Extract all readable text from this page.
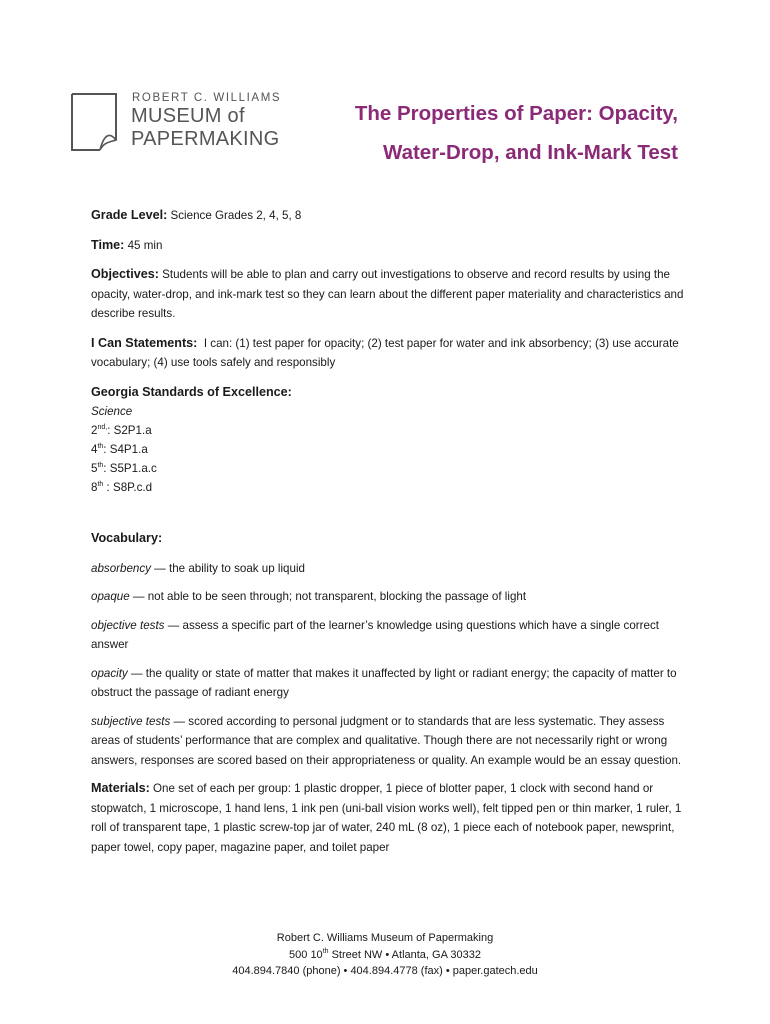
ROBERT C. WILLIAMS
MUSEUM of
PAPERMAKING
The Properties of Paper: Opacity,
Water-Drop, and Ink-Mark Test

Grade Level: Science Grades 2, 4, 5, 8

Time: 45 min

Objectives: Students will be able to plan and carry out investigations to observe and record results by using the opacity, water-drop, and ink-mark test so they can learn about the different paper materiality and characteristics and describe results.

I Can Statements: I can: (1) test paper for opacity; (2) test paper for water and ink absorbency; (3) use accurate vocabulary; (4) use tools safely and responsibly

Georgia Standards of Excellence:
Science
$2^{nd,}$: S2P1.a
4th: S4P1.a
5th: S5P1.a.c
8th : S8P.c.d
Vocabulary:

absorbency — the ability to soak up liquid

opaque — not able to be seen through; not transparent, blocking the passage of light

objective tests — assess a specific part of the learner’s knowledge using questions which have a single correct answer

opacity — the quality or state of matter that makes it unaffected by light or radiant energy; the capacity of matter to obstruct the passage of radiant energy

subjective tests — scored according to personal judgment or to standards that are less systematic. They assess areas of students’ performance that are complex and qualitative. Though there are not necessarily right or wrong answers, responses are scored based on their appropriateness or quality. An example would be an essay question.

Materials: One set of each per group: 1 plastic dropper, 1 piece of blotter paper, 1 clock with second hand or stopwatch, 1 microscope, 1 hand lens, 1 ink pen (uni-ball vision works well), felt tipped pen or thin marker, 1 ruler, 1 roll of transparent tape, 1 plastic screw-top jar of water, 240 mL (8 oz), 1 piece each of notebook paper, newsprint, paper towel, copy paper, magazine paper, and toilet paper

Robert C. Williams Museum of Papermaking
500 10th Street NW • Atlanta, GA 30332
404.894.7840 (phone) • 404.894.4778 (fax) • paper.gatech.edu
